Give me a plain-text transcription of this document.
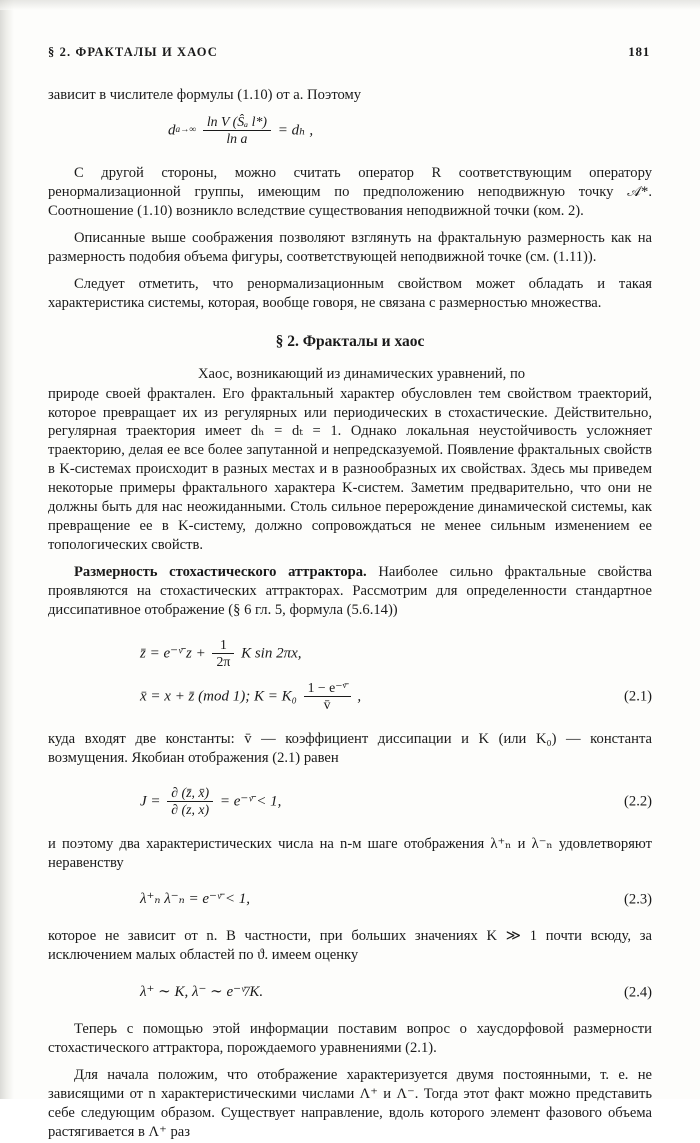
§ 2. ФРАКТАЛЫ И ХАОС	181

зависит в числителе формулы (1.10) от a. Поэтому

d a→∞
$\frac{\text{ln V (Ŝₐ l*)}}{\text{ln a}} = d_h$ ,

С другой стороны, можно считать оператор R соответствующим оператору ренормализационной группы, имеющим по предположению неподвижную точку 𝒜*. Соотношение (1.10) возникло вследствие существования неподвижной точки (ком. 2).

Описанные выше соображения позволяют взглянуть на фрактальную размерность как на размерность подобия объема фигуры, соответствующей неподвижной точке (см. (1.11)).

Следует отметить, что ренормализационным свойством может обладать и такая характеристика системы, которая, вообще говоря, не связана с размерностью множества.

§ 2. Фракталы и хаос

Хаос, возникающий из динамических уравнений, по

природе своей фракталeн. Его фрактальный характер обусловлен тем свойством траекторий, которое превращает их из регулярных или периодических в стохастические. Действительно, регулярная траектория имеет dₕ = dₜ = 1. Однако локальная неустойчивость усложняет траекторию, делая ее все более запутанной и непредсказуемой. Появление фрактальных свойств в K-системах происходит в разных местах и в разнообразных их свойствах. Здесь мы приведем некоторые примеры фрактального характера K-систем. Заметим предварительно, что они не должны быть для нас неожиданными. Столь сильное перерождение динамической системы, как превращение ее в K-систему, должно сопровождаться не менее сильным изменением ее топологических свойств.

Размерность стохастического аттрактора. Наиболее сильно фрактальные свойства проявляются на стохастических аттракторах. Рассмотрим для определенности стандартное диссипативное отображение (§ 6 гл. 5, формула (5.6.14))

z̄ = e⁻ᵛ̄ $z + \frac{1}{2\pi}$ K sin 2πx,
x̄ = x + z̄ (mod 1); $K = K_0 \frac{\text{1 − e⁻ᵛ̄}}{v̄}$ ,	(2.1)

куда входят две константы: v̄ — коэффициент диссипации и K (или K₀) — константа возмущения. Якобиан отображения (2.1) равен

$J = \frac{\partial (z̄, x̄)}{\partial (z, x)}$ = e⁻ᵛ̄ < 1,	(2.2)

и поэтому два характеристических числа на n-м шаге отображения λ⁺ₙ и λ⁻ₙ удовлетворяют неравенству

λ⁺ₙ λ⁻ₙ = e⁻ᵛ̄ < 1,	(2.3)

которое не зависит от n. В частности, при больших значениях K ≫ 1 почти всюду, за исключением малых областей по ϑ. имеем оценку

λ⁺ ∼ K, λ⁻ ∼ e⁻ᵛ̄/K.	(2.4)

Теперь с помощью этой информации поставим вопрос о хаусдорфовой размерности стохастического аттрактора, порождаемого уравнениями (2.1).

Для начала положим, что отображение характеризуется двумя постоянными, т. е. не зависящими от n характеристическими числами Λ⁺ и Λ⁻. Тогда этот факт можно представить себе следующим образом. Существует направление, вдоль которого элемент фазового объема растягивается в Λ⁺ раз
